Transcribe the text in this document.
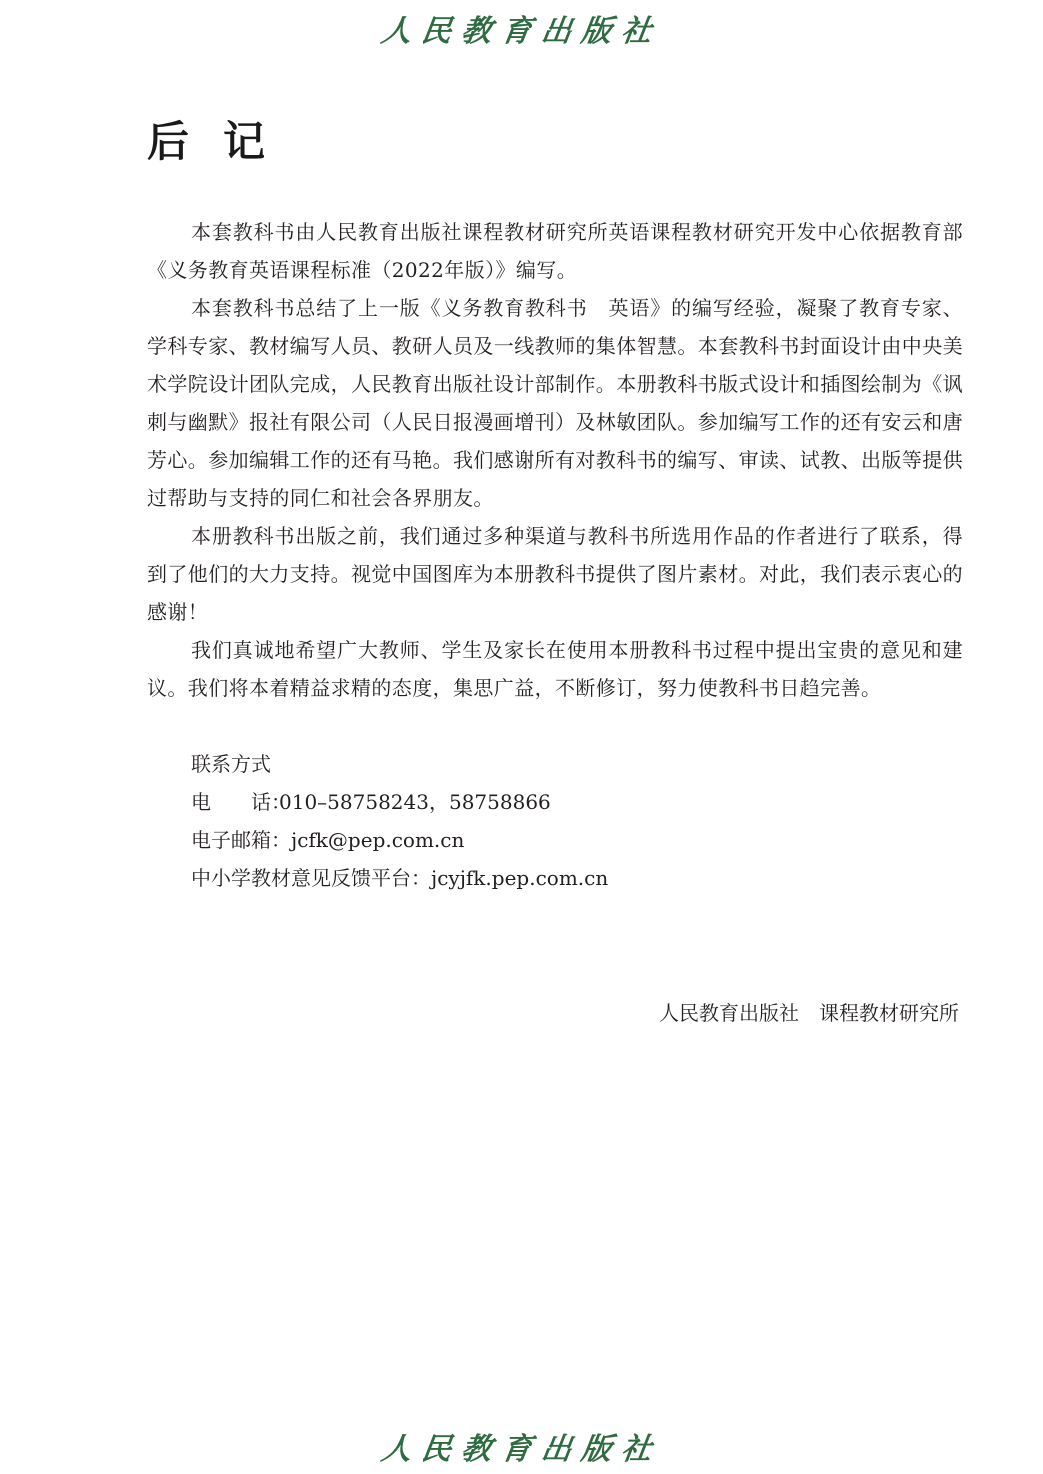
人民教育出版社
后记

本套教科书由人民教育出版社课程教材研究所英语课程教材研究开发中心依据教育部《义务教育英语课程标准（2022年版）》编写。

本套教科书总结了上一版《义务教育教科书　英语》的编写经验，凝聚了教育专家、学科专家、教材编写人员、教研人员及一线教师的集体智慧。本套教科书封面设计由中央美术学院设计团队完成，人民教育出版社设计部制作。本册教科书版式设计和插图绘制为《讽刺与幽默》报社有限公司（人民日报漫画增刊）及林敏团队。参加编写工作的还有安云和唐芳心。参加编辑工作的还有马艳。我们感谢所有对教科书的编写、审读、试教、出版等提供过帮助与支持的同仁和社会各界朋友。

本册教科书出版之前，我们通过多种渠道与教科书所选用作品的作者进行了联系，得到了他们的大力支持。视觉中国图库为本册教科书提供了图片素材。对此，我们表示衷心的感谢！

我们真诚地希望广大教师、学生及家长在使用本册教科书过程中提出宝贵的意见和建议。我们将本着精益求精的态度，集思广益，不断修订，努力使教科书日趋完善。

联系方式
电　　话：010–58758243，58758866
电子邮箱：jcfk@pep.com.cn
中小学教材意见反馈平台：jcyjfk.pep.com.cn
人民教育出版社　课程教材研究所
人民教育出版社
